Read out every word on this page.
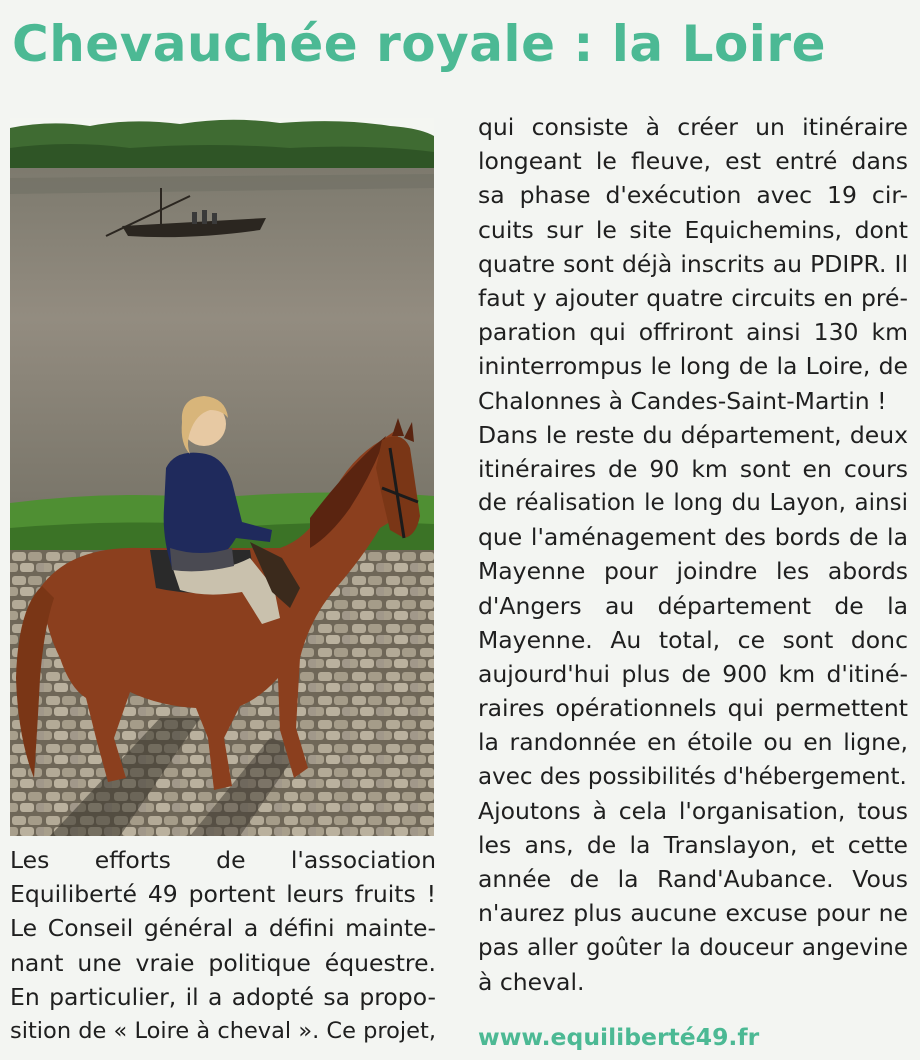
Chevauchée royale : la Loire
Les efforts de l'association
Equiliberté 49 portent leurs fruits !
Le Conseil général a défini mainte-
nant une vraie politique équestre.
En particulier, il a adopté sa propo-
sition de « Loire à cheval ». Ce projet,
qui consiste à créer un itinéraire
longeant le fleuve, est entré dans
sa phase d'exécution avec 19 cir-
cuits sur le site Equichemins, dont
quatre sont déjà inscrits au PDIPR. Il
faut y ajouter quatre circuits en pré-
paration qui offriront ainsi 130 km
ininterrompus le long de la Loire, de
Chalonnes à Candes-Saint-Martin !
Dans le reste du département, deux
itinéraires de 90 km sont en cours
de réalisation le long du Layon, ainsi
que l'aménagement des bords de la
Mayenne pour joindre les abords
d'Angers au département de la
Mayenne. Au total, ce sont donc
aujourd'hui plus de 900 km d'itiné-
raires opérationnels qui permettent
la randonnée en étoile ou en ligne,
avec des possibilités d'hébergement.
Ajoutons à cela l'organisation, tous
les ans, de la Translayon, et cette
année de la Rand'Aubance. Vous
n'aurez plus aucune excuse pour ne
pas aller goûter la douceur angevine
à cheval.
www.equiliberté49.fr
